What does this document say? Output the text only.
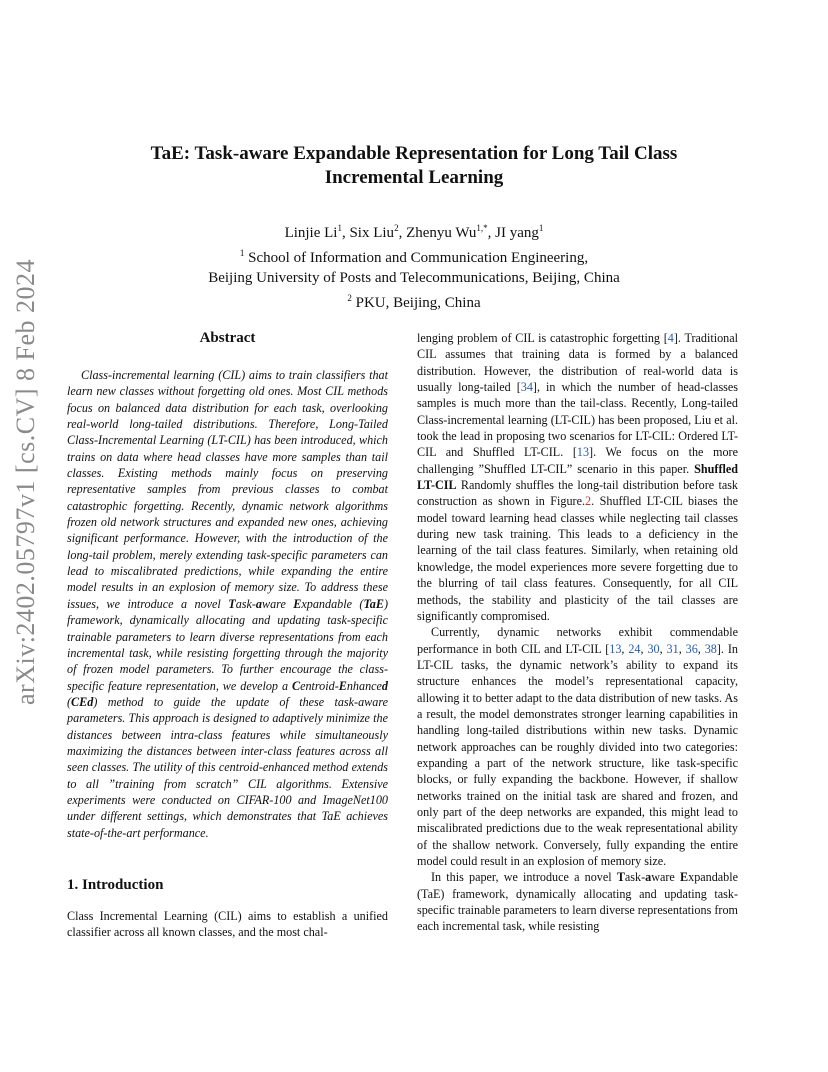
arXiv:2402.05797v1 [cs.CV] 8 Feb 2024
TaE: Task-aware Expandable Representation for Long Tail Class
Incremental Learning
Linjie Li$^1$, Six Liu$^2$, Zhenyu $Wu^{1,*}$, JI yang$^1$
$^1$ School of Information and Communication Engineering,
Beijing University of Posts and Telecommunications, Beijing, China
$^2$ PKU, Beijing, China
Abstract

Class-incremental learning (CIL) aims to train classifiers that learn new classes without forgetting old ones. Most CIL methods focus on balanced data distribution for each task, overlooking real-world long-tailed distributions. Therefore, Long-Tailed Class-Incremental Learning (LT-CIL) has been introduced, which trains on data where head classes have more samples than tail classes. Existing methods mainly focus on preserving representative samples from previous classes to combat catastrophic forgetting. Recently, dynamic network algorithms frozen old network structures and expanded new ones, achieving significant performance. However, with the introduction of the long-tail problem, merely extending task-specific parameters can lead to miscalibrated predictions, while expanding the entire model results in an explosion of memory size. To address these issues, we introduce a novel Task-aware Expandable (TaE) framework, dynamically allocating and updating task-specific trainable parameters to learn diverse representations from each incremental task, while resisting forgetting through the majority of frozen model parameters. To further encourage the class-specific feature representation, we develop a Centroid-Enhanced (CEd) method to guide the update of these task-aware parameters. This approach is designed to adaptively minimize the distances between intra-class features while simultaneously maximizing the distances between inter-class features across all seen classes. The utility of this centroid-enhanced method extends to all ”training from scratch” CIL algorithms. Extensive experiments were conducted on CIFAR-100 and ImageNet100 under different settings, which demonstrates that TaE achieves state-of-the-art performance.

1. Introduction

Class Incremental Learning (CIL) aims to establish a unified classifier across all known classes, and the most chal-

lenging problem of CIL is catastrophic forgetting [4]. Traditional CIL assumes that training data is formed by a balanced distribution. However, the distribution of real-world data is usually long-tailed [34], in which the number of head-classes samples is much more than the tail-class. Recently, Long-tailed Class-incremental learning (LT-CIL) has been proposed, Liu et al. took the lead in proposing two scenarios for LT-CIL: Ordered LT-CIL and Shuffled LT-CIL. [13]. We focus on the more challenging ”Shuffled LT-CIL” scenario in this paper. Shuffled LT-CIL Randomly shuffles the long-tail distribution before task construction as shown in Figure.2. Shuffled LT-CIL biases the model toward learning head classes while neglecting tail classes during new task training. This leads to a deficiency in the learning of the tail class features. Similarly, when retaining old knowledge, the model experiences more severe forgetting due to the blurring of tail class features. Consequently, for all CIL methods, the stability and plasticity of the tail classes are significantly compromised.

Currently, dynamic networks exhibit commendable performance in both CIL and LT-CIL [13, 24, 30, 31, 36, 38]. In LT-CIL tasks, the dynamic network’s ability to expand its structure enhances the model’s representational capacity, allowing it to better adapt to the data distribution of new tasks. As a result, the model demonstrates stronger learning capabilities in handling long-tailed distributions within new tasks. Dynamic network approaches can be roughly divided into two categories: expanding a part of the network structure, like task-specific blocks, or fully expanding the backbone. However, if shallow networks trained on the initial task are shared and frozen, and only part of the deep networks are expanded, this might lead to miscalibrated predictions due to the weak representational ability of the shallow network. Conversely, fully expanding the entire model could result in an explosion of memory size.

In this paper, we introduce a novel Task-aware Expandable (TaE) framework, dynamically allocating and updating task-specific trainable parameters to learn diverse representations from each incremental task, while resisting
